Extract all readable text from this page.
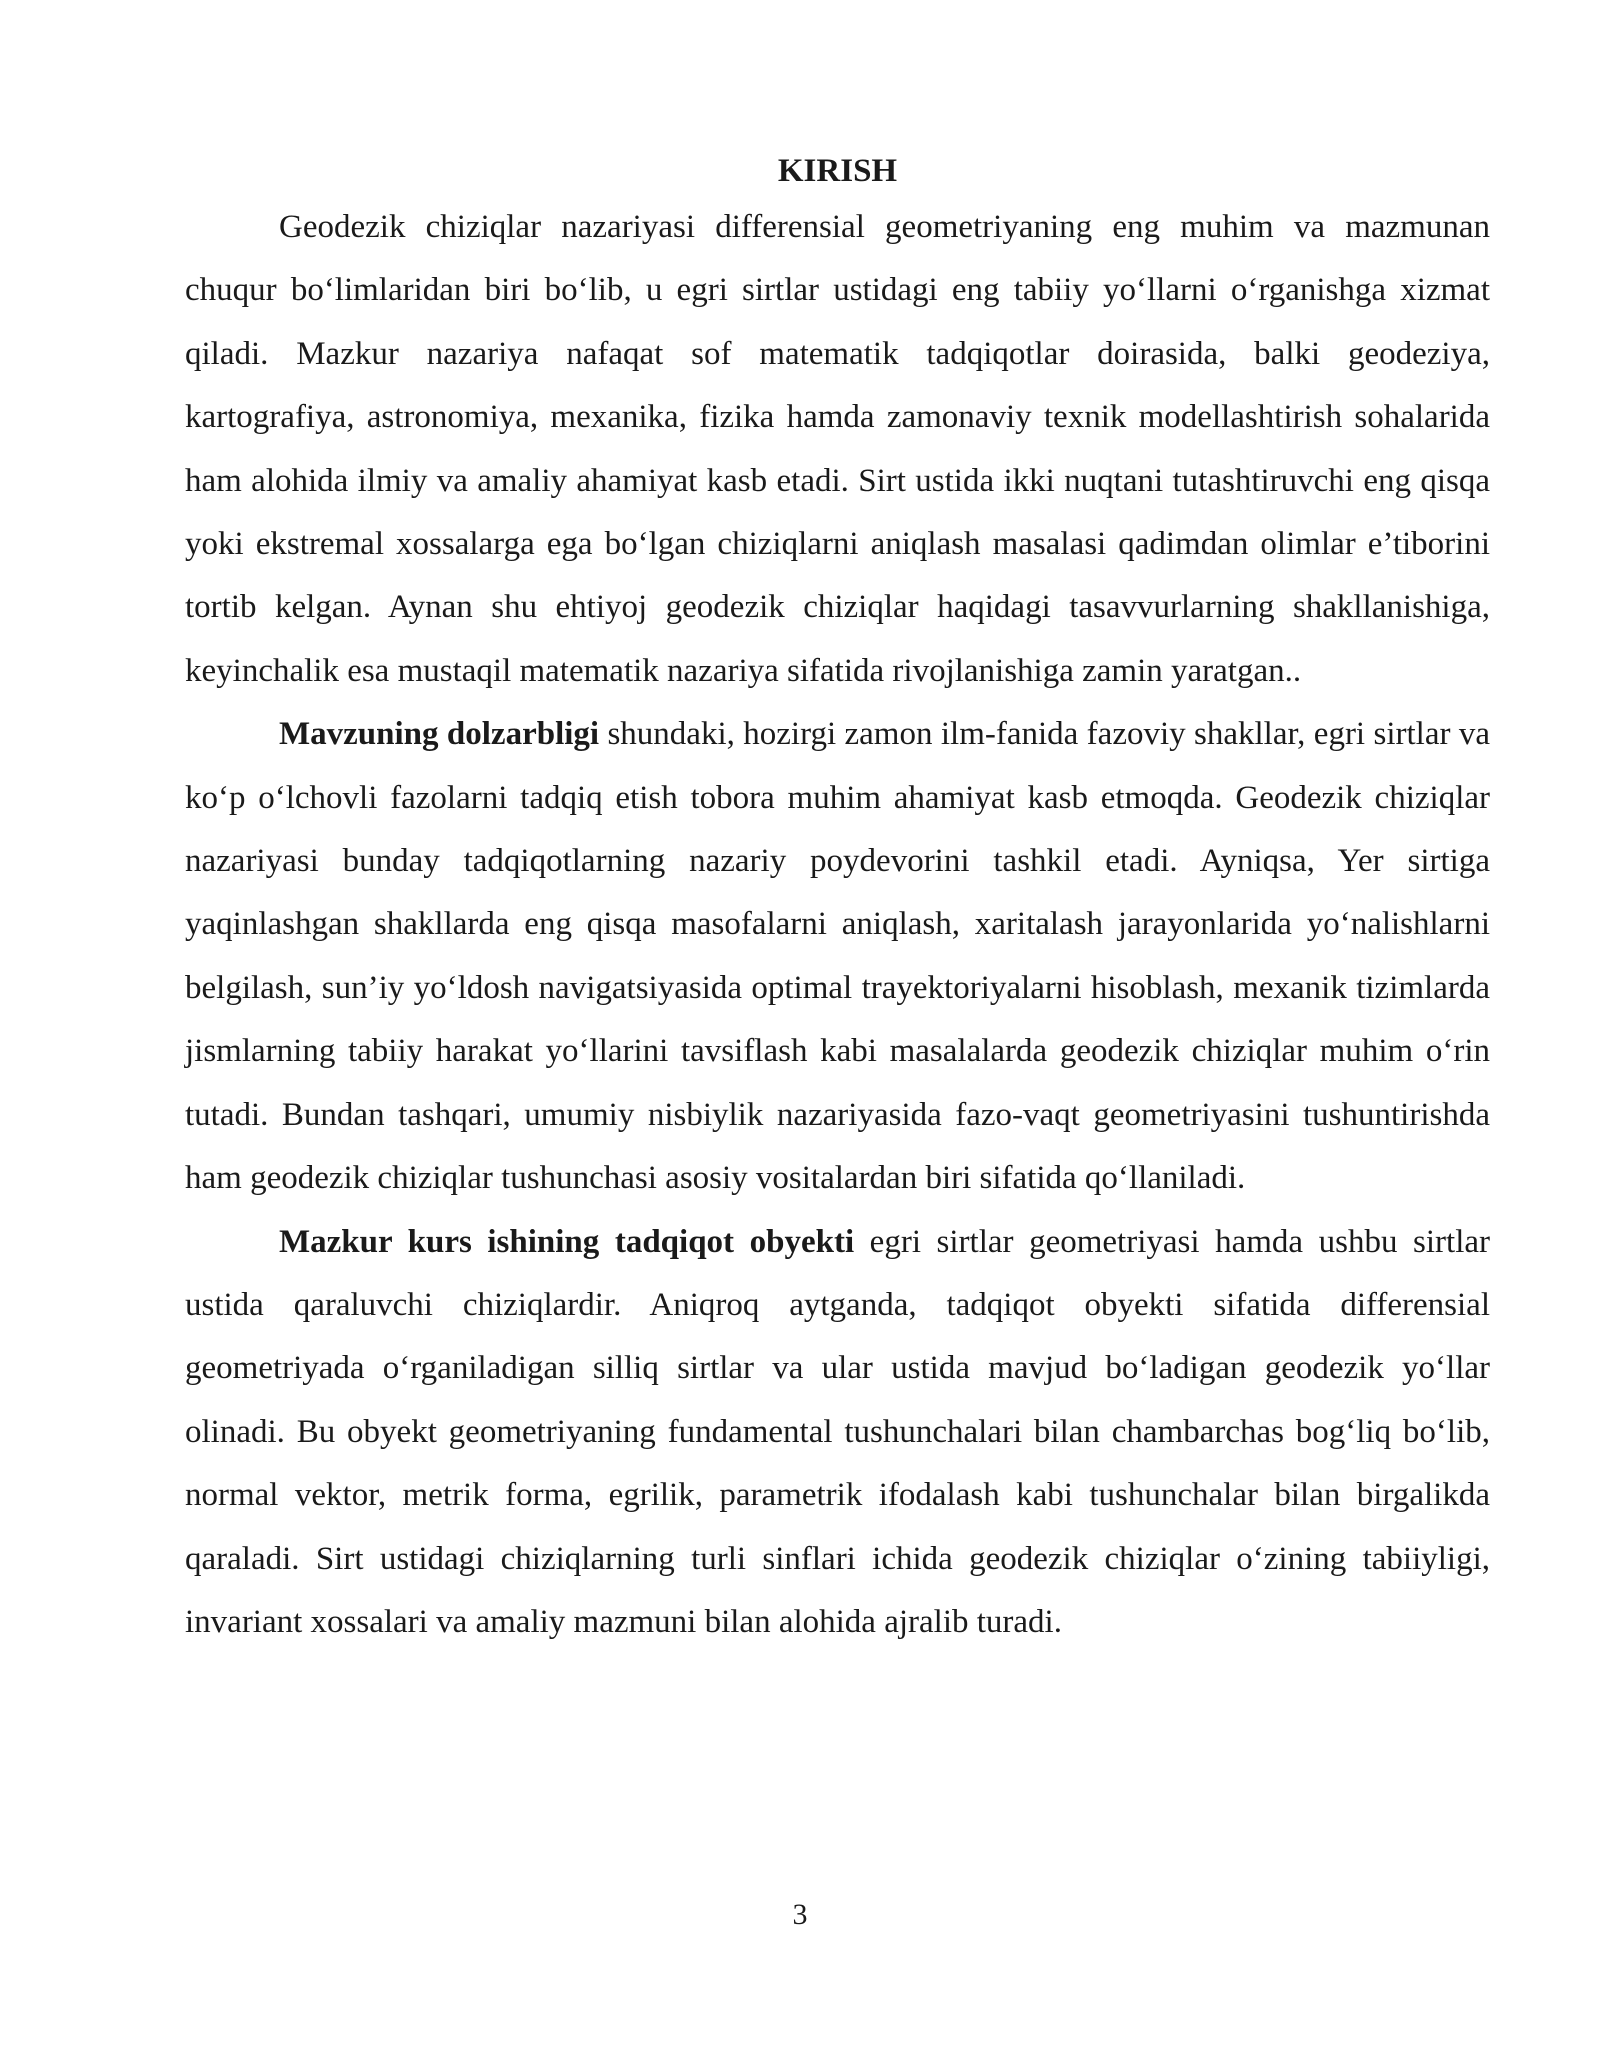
KIRISH

Geodezik chiziqlar nazariyasi differensial geometriyaning eng muhim va mazmunan chuqur bo‘limlaridan biri bo‘lib, u egri sirtlar ustidagi eng tabiiy yo‘llarni o‘rganishga xizmat qiladi. Mazkur nazariya nafaqat sof matematik tadqiqotlar doirasida, balki geodeziya, kartografiya, astronomiya, mexanika, fizika hamda zamonaviy texnik modellashtirish sohalarida ham alohida ilmiy va amaliy ahamiyat kasb etadi. Sirt ustida ikki nuqtani tutashtiruvchi eng qisqa yoki ekstremal xossalarga ega bo‘lgan chiziqlarni aniqlash masalasi qadimdan olimlar e’tiborini tortib kelgan. Aynan shu ehtiyoj geodezik chiziqlar haqidagi tasavvurlarning shakllanishiga, keyinchalik esa mustaqil matematik nazariya sifatida rivojlanishiga zamin yaratgan..

Mavzuning dolzarbligi shundaki, hozirgi zamon ilm-fanida fazoviy shakllar, egri sirtlar va ko‘p o‘lchovli fazolarni tadqiq etish tobora muhim ahamiyat kasb etmoqda. Geodezik chiziqlar nazariyasi bunday tadqiqotlarning nazariy poydevorini tashkil etadi. Ayniqsa, Yer sirtiga yaqinlashgan shakllarda eng qisqa masofalarni aniqlash, xaritalash jarayonlarida yo‘nalishlarni belgilash, sun’iy yo‘ldosh navigatsiyasida optimal trayektoriyalarni hisoblash, mexanik tizimlarda jismlarning tabiiy harakat yo‘llarini tavsiflash kabi masalalarda geodezik chiziqlar muhim o‘rin tutadi. Bundan tashqari, umumiy nisbiylik nazariyasida fazo-vaqt geometriyasini tushuntirishda ham geodezik chiziqlar tushunchasi asosiy vositalardan biri sifatida qo‘llaniladi.

Mazkur kurs ishining tadqiqot obyekti egri sirtlar geometriyasi hamda ushbu sirtlar ustida qaraluvchi chiziqlardir. Aniqroq aytganda, tadqiqot obyekti sifatida differensial geometriyada o‘rganiladigan silliq sirtlar va ular ustida mavjud bo‘ladigan geodezik yo‘llar olinadi. Bu obyekt geometriyaning fundamental tushunchalari bilan chambarchas bog‘liq bo‘lib, normal vektor, metrik forma, egrilik, parametrik ifodalash kabi tushunchalar bilan birgalikda qaraladi. Sirt ustidagi chiziqlarning turli sinflari ichida geodezik chiziqlar o‘zining tabiiyligi, invariant xossalari va amaliy mazmuni bilan alohida ajralib turadi.

3
